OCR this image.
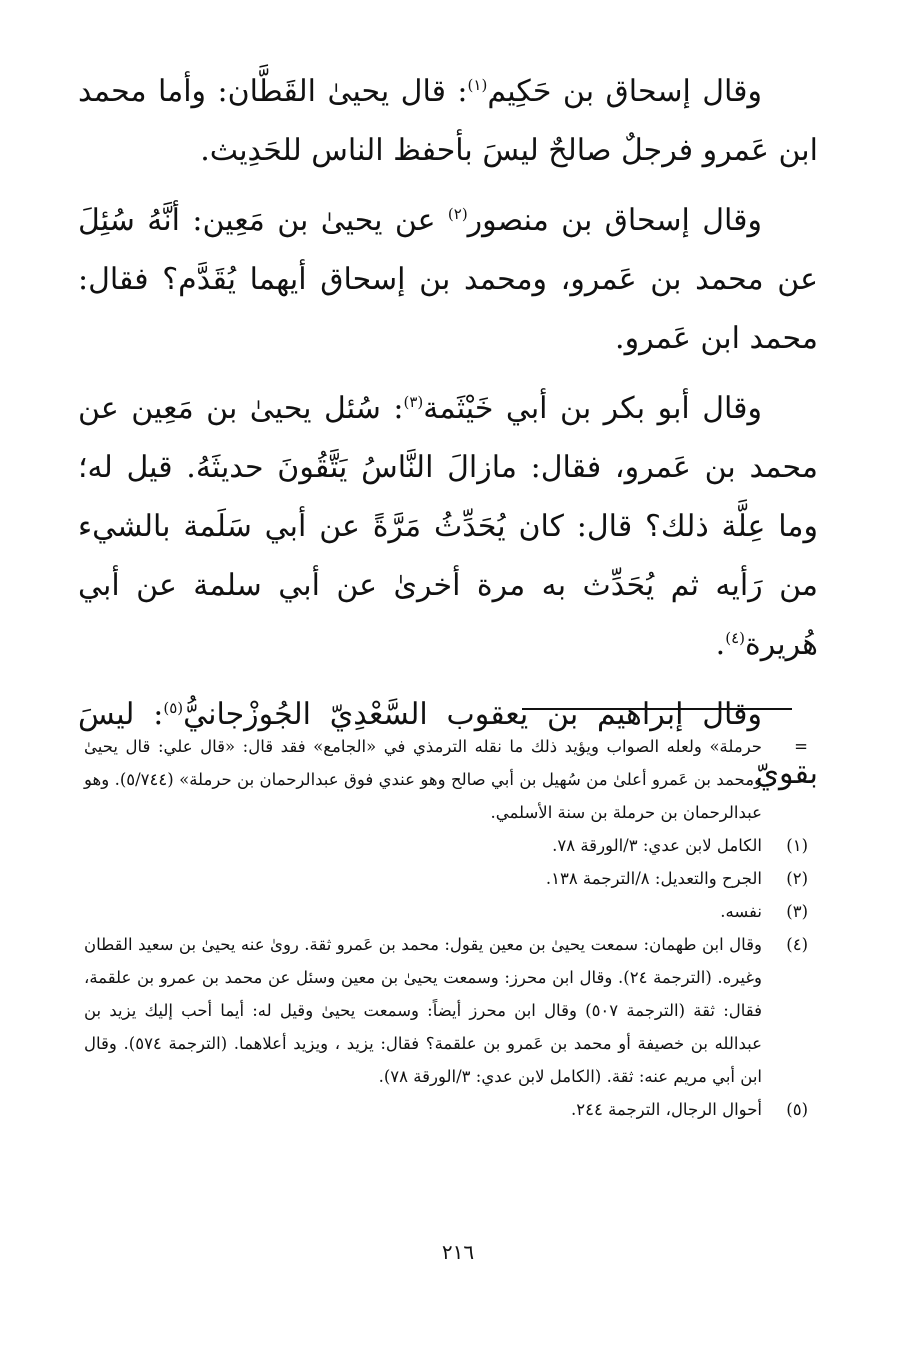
وقال إسحاق بن حَكِيم$^{(١)}$: قال يحيىٰ القَطَّان: وأما محمد ابن عَمرو فرجلٌ صالحٌ ليسَ بأحفظ الناس للحَدِيث.

وقال إسحاق بن منصور$^{(٢)}$ عن يحيىٰ بن مَعِين: أنَّهُ سُئِلَ عن محمد بن عَمرو، ومحمد بن إسحاق أيهما يُقَدَّم؟ فقال: محمد ابن عَمرو.

وقال أبو بكر بن أبي خَيْثَمة$^{(٣)}$: سُئل يحيىٰ بن مَعِين عن محمد بن عَمرو، فقال: مازالَ النَّاسُ يَتَّقُونَ حديثَهُ. قيل له؛ وما عِلَّة ذلك؟ قال: كان يُحَدِّثُ مَرَّةً عن أبي سَلَمة بالشيء من رَأيه ثم يُحَدِّث به مرة أخرىٰ عن أبي سلمة عن أبي هُريرة$^{(٤)}$.

وقال إبراهيم بن يعقوب السَّعْدِيّ الجُوزْجانيُّ$^{(٥)}$: ليسَ بقويّ

=
حرملة» ولعله الصواب ويؤيد ذلك ما نقله الترمذي في «الجامع» فقد قال: «قال علي: قال يحيىٰ ومحمد بن عَمرو أعلىٰ من سُهيل بن أبي صالح وهو عندي فوق عبدالرحمان بن حرملة» (٥/٧٤٤). وهو عبدالرحمان بن حرملة بن سنة الأسلمي.
(١)
الكامل لابن عدي: ٣/الورقة ٧٨.
(٢)
الجرح والتعديل: ٨/الترجمة ١٣٨.
(٣)
نفسه.
(٤)
وقال ابن طهمان: سمعت يحيىٰ بن معين يقول: محمد بن عَمرو ثقة. روىٰ عنه يحيىٰ بن سعيد القطان وغيره. (الترجمة ٢٤). وقال ابن محرز: وسمعت يحيىٰ بن معين وسئل عن محمد بن عمرو بن علقمة، فقال: ثقة (الترجمة ٥٠٧) وقال ابن محرز أيضاً: وسمعت يحيىٰ وقيل له: أيما أحب إليك يزيد بن عبدالله بن خصيفة أو محمد بن عَمرو بن علقمة؟ فقال: يزيد ، ويزيد أعلاهما. (الترجمة ٥٧٤). وقال ابن أبي مريم عنه: ثقة. (الكامل لابن عدي: ٣/الورقة ٧٨).
(٥)
أحوال الرجال، الترجمة ٢٤٤.
٢١٦
